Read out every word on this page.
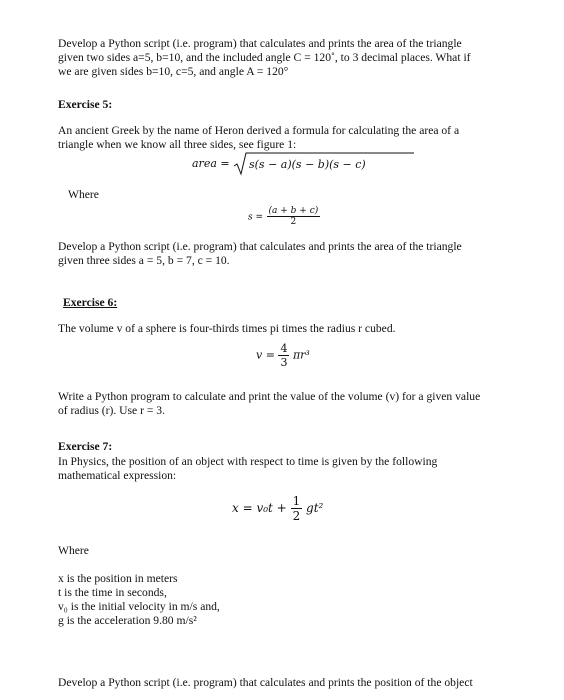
Develop a Python script (i.e. program) that calculates and prints the area of the triangle
given two sides a=5, b=10, and the included angle C = 120˚, to 3 decimal places. What if
we are given sides b=10, c=5, and angle A = 120°
Exercise 5:
An ancient Greek by the name of Heron derived a formula for calculating the area of a
triangle when we know all three sides, see figure 1:
area = s(s − a)(s − b)(s − c)
Where
$s = \frac{(a + b + c)}{2}$
Develop a Python script (i.e. program) that calculates and prints the area of the triangle
given three sides a = 5, b = 7, c = 10.
Exercise 6:
The volume v of a sphere is four-thirds times pi times the radius r cubed.
$v = \frac{4}{3} \pi r^3$
Write a Python program to calculate and print the value of the volume (v) for a given value
of radius (r). Use r = 3.
Exercise 7:
In Physics, the position of an object with respect to time is given by the following
mathematical expression:
$x = v_0t + \frac{1}{2} gt^2$
Where
x is the position in meters
t is the time in seconds,
v₀ is the initial velocity in m/s and,
g is the acceleration 9.80 m/s²
Develop a Python script (i.e. program) that calculates and prints the position of the object
